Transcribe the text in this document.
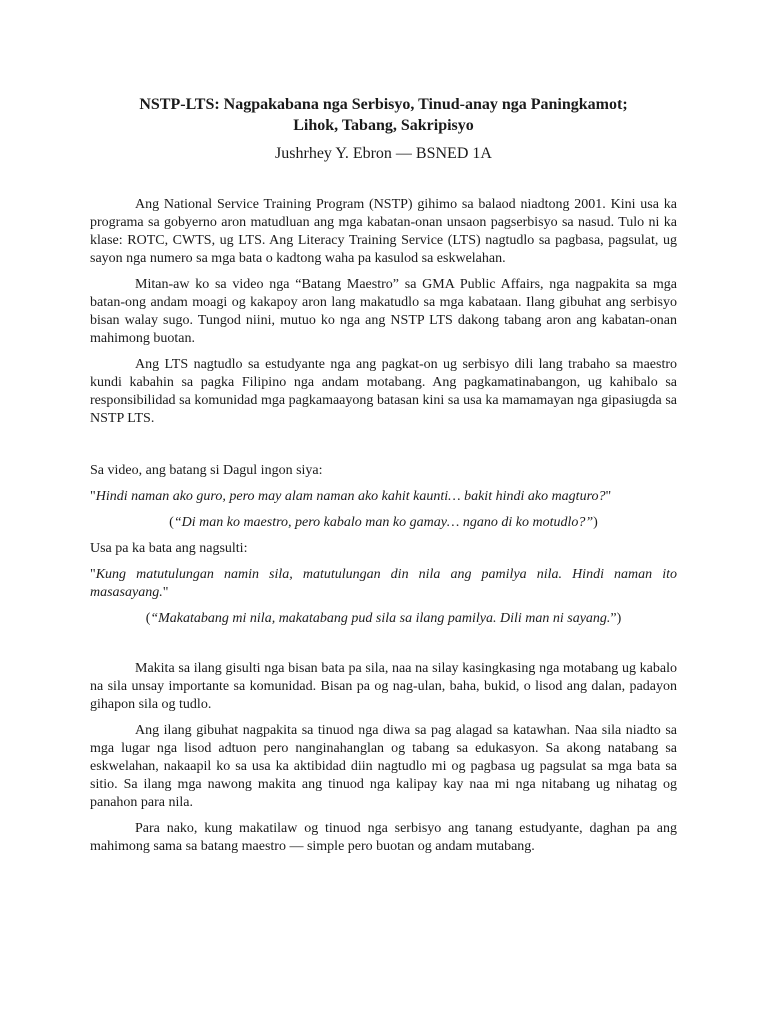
NSTP-LTS: Nagpakabana nga Serbisyo, Tinud-anay nga Paningkamot;
Lihok, Tabang, Sakripisyo

Jushrhey Y. Ebron — BSNED 1A

Ang National Service Training Program (NSTP) gihimo sa balaod niadtong 2001. Kini usa ka programa sa gobyerno aron matudluan ang mga kabatan-onan unsaon pagserbisyo sa nasud. Tulo ni ka klase: ROTC, CWTS, ug LTS. Ang Literacy Training Service (LTS) nagtudlo sa pagbasa, pagsulat, ug sayon nga numero sa mga bata o kadtong waha pa kasulod sa eskwelahan.

Mitan-aw ko sa video nga “Batang Maestro” sa GMA Public Affairs, nga nagpakita sa mga batan-ong andam moagi og kakapoy aron lang makatudlo sa mga kabataan. Ilang gibuhat ang serbisyo bisan walay sugo. Tungod niini, mutuo ko nga ang NSTP LTS dakong tabang aron ang kabatan-onan mahimong buotan.

Ang LTS nagtudlo sa estudyante nga ang pagkat-on ug serbisyo dili lang trabaho sa maestro kundi kabahin sa pagka Filipino nga andam motabang. Ang pagkamatinabangon, ug kahibalo sa responsibilidad sa komunidad mga pagkamaayong batasan kini sa usa ka mamamayan nga gipasiugda sa NSTP LTS.

Sa video, ang batang si Dagul ingon siya:

"Hindi naman ako guro, pero may alam naman ako kahit kaunti… bakit hindi ako magturo?"

(“Di man ko maestro, pero kabalo man ko gamay… ngano di ko motudlo?”)

Usa pa ka bata ang nagsulti:

"Kung matutulungan namin sila, matutulungan din nila ang pamilya nila. Hindi naman ito masasayang."

(“Makatabang mi nila, makatabang pud sila sa ilang pamilya. Dili man ni sayang.”)

Makita sa ilang gisulti nga bisan bata pa sila, naa na silay kasingkasing nga motabang ug kabalo na sila unsay importante sa komunidad. Bisan pa og nag-ulan, baha, bukid, o lisod ang dalan, padayon gihapon sila og tudlo.

Ang ilang gibuhat nagpakita sa tinuod nga diwa sa pag alagad sa katawhan. Naa sila niadto sa mga lugar nga lisod adtuon pero nanginahanglan og tabang sa edukasyon. Sa akong natabang sa eskwelahan, nakaapil ko sa usa ka aktibidad diin nagtudlo mi og pagbasa ug pagsulat sa mga bata sa sitio. Sa ilang mga nawong makita ang tinuod nga kalipay kay naa mi nga nitabang ug nihatag og panahon para nila.

Para nako, kung makatilaw og tinuod nga serbisyo ang tanang estudyante, daghan pa ang mahimong sama sa batang maestro — simple pero buotan og andam mutabang.
